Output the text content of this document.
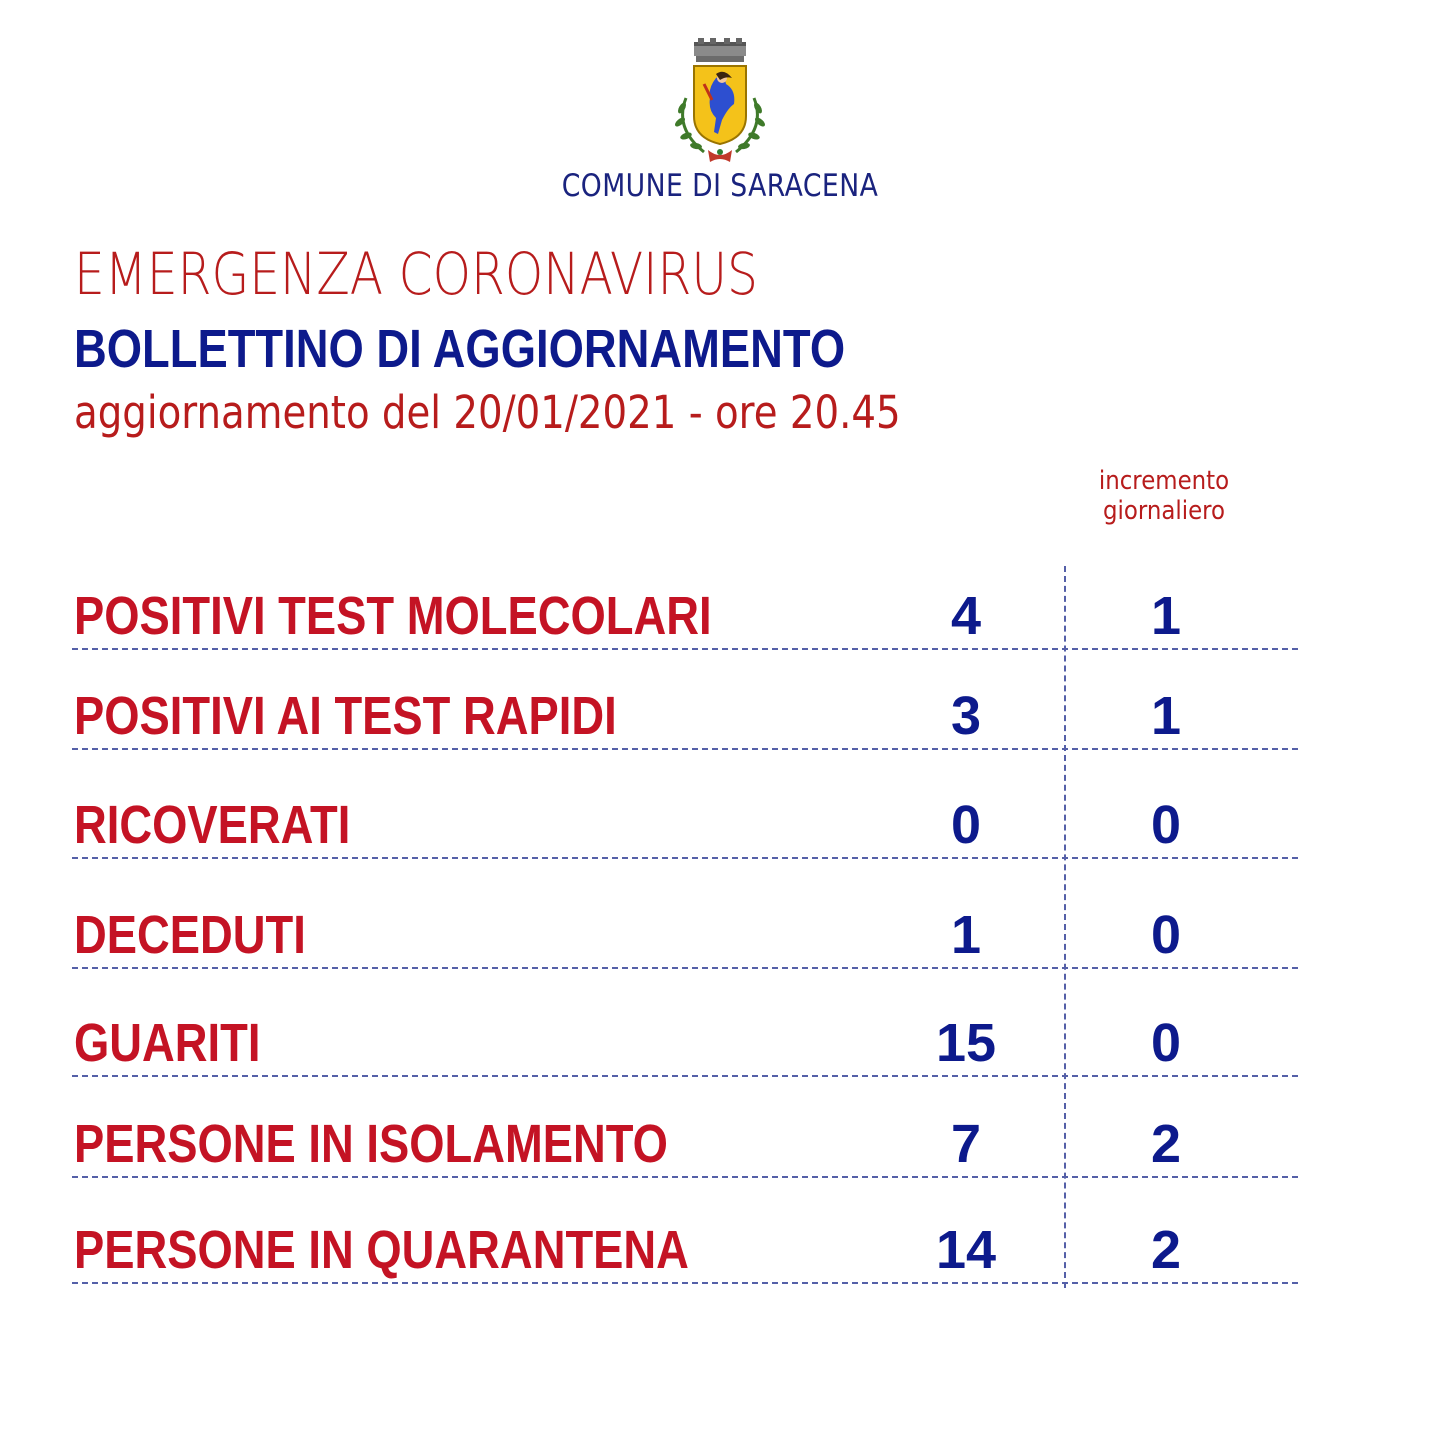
COMUNE DI SARACENA
EMERGENZA CORONAVIRUS
BOLLETTINO DI AGGIORNAMENTO
aggiornamento del 20/01/2021 - ore 20.45
incremento
giornaliero
POSITIVI TEST MOLECOLARI	4	1
POSITIVI AI TEST RAPIDI	3	1
RICOVERATI	0	0
DECEDUTI	1	0
GUARITI	15	0
PERSONE IN ISOLAMENTO	7	2
PERSONE IN QUARANTENA	14	2
